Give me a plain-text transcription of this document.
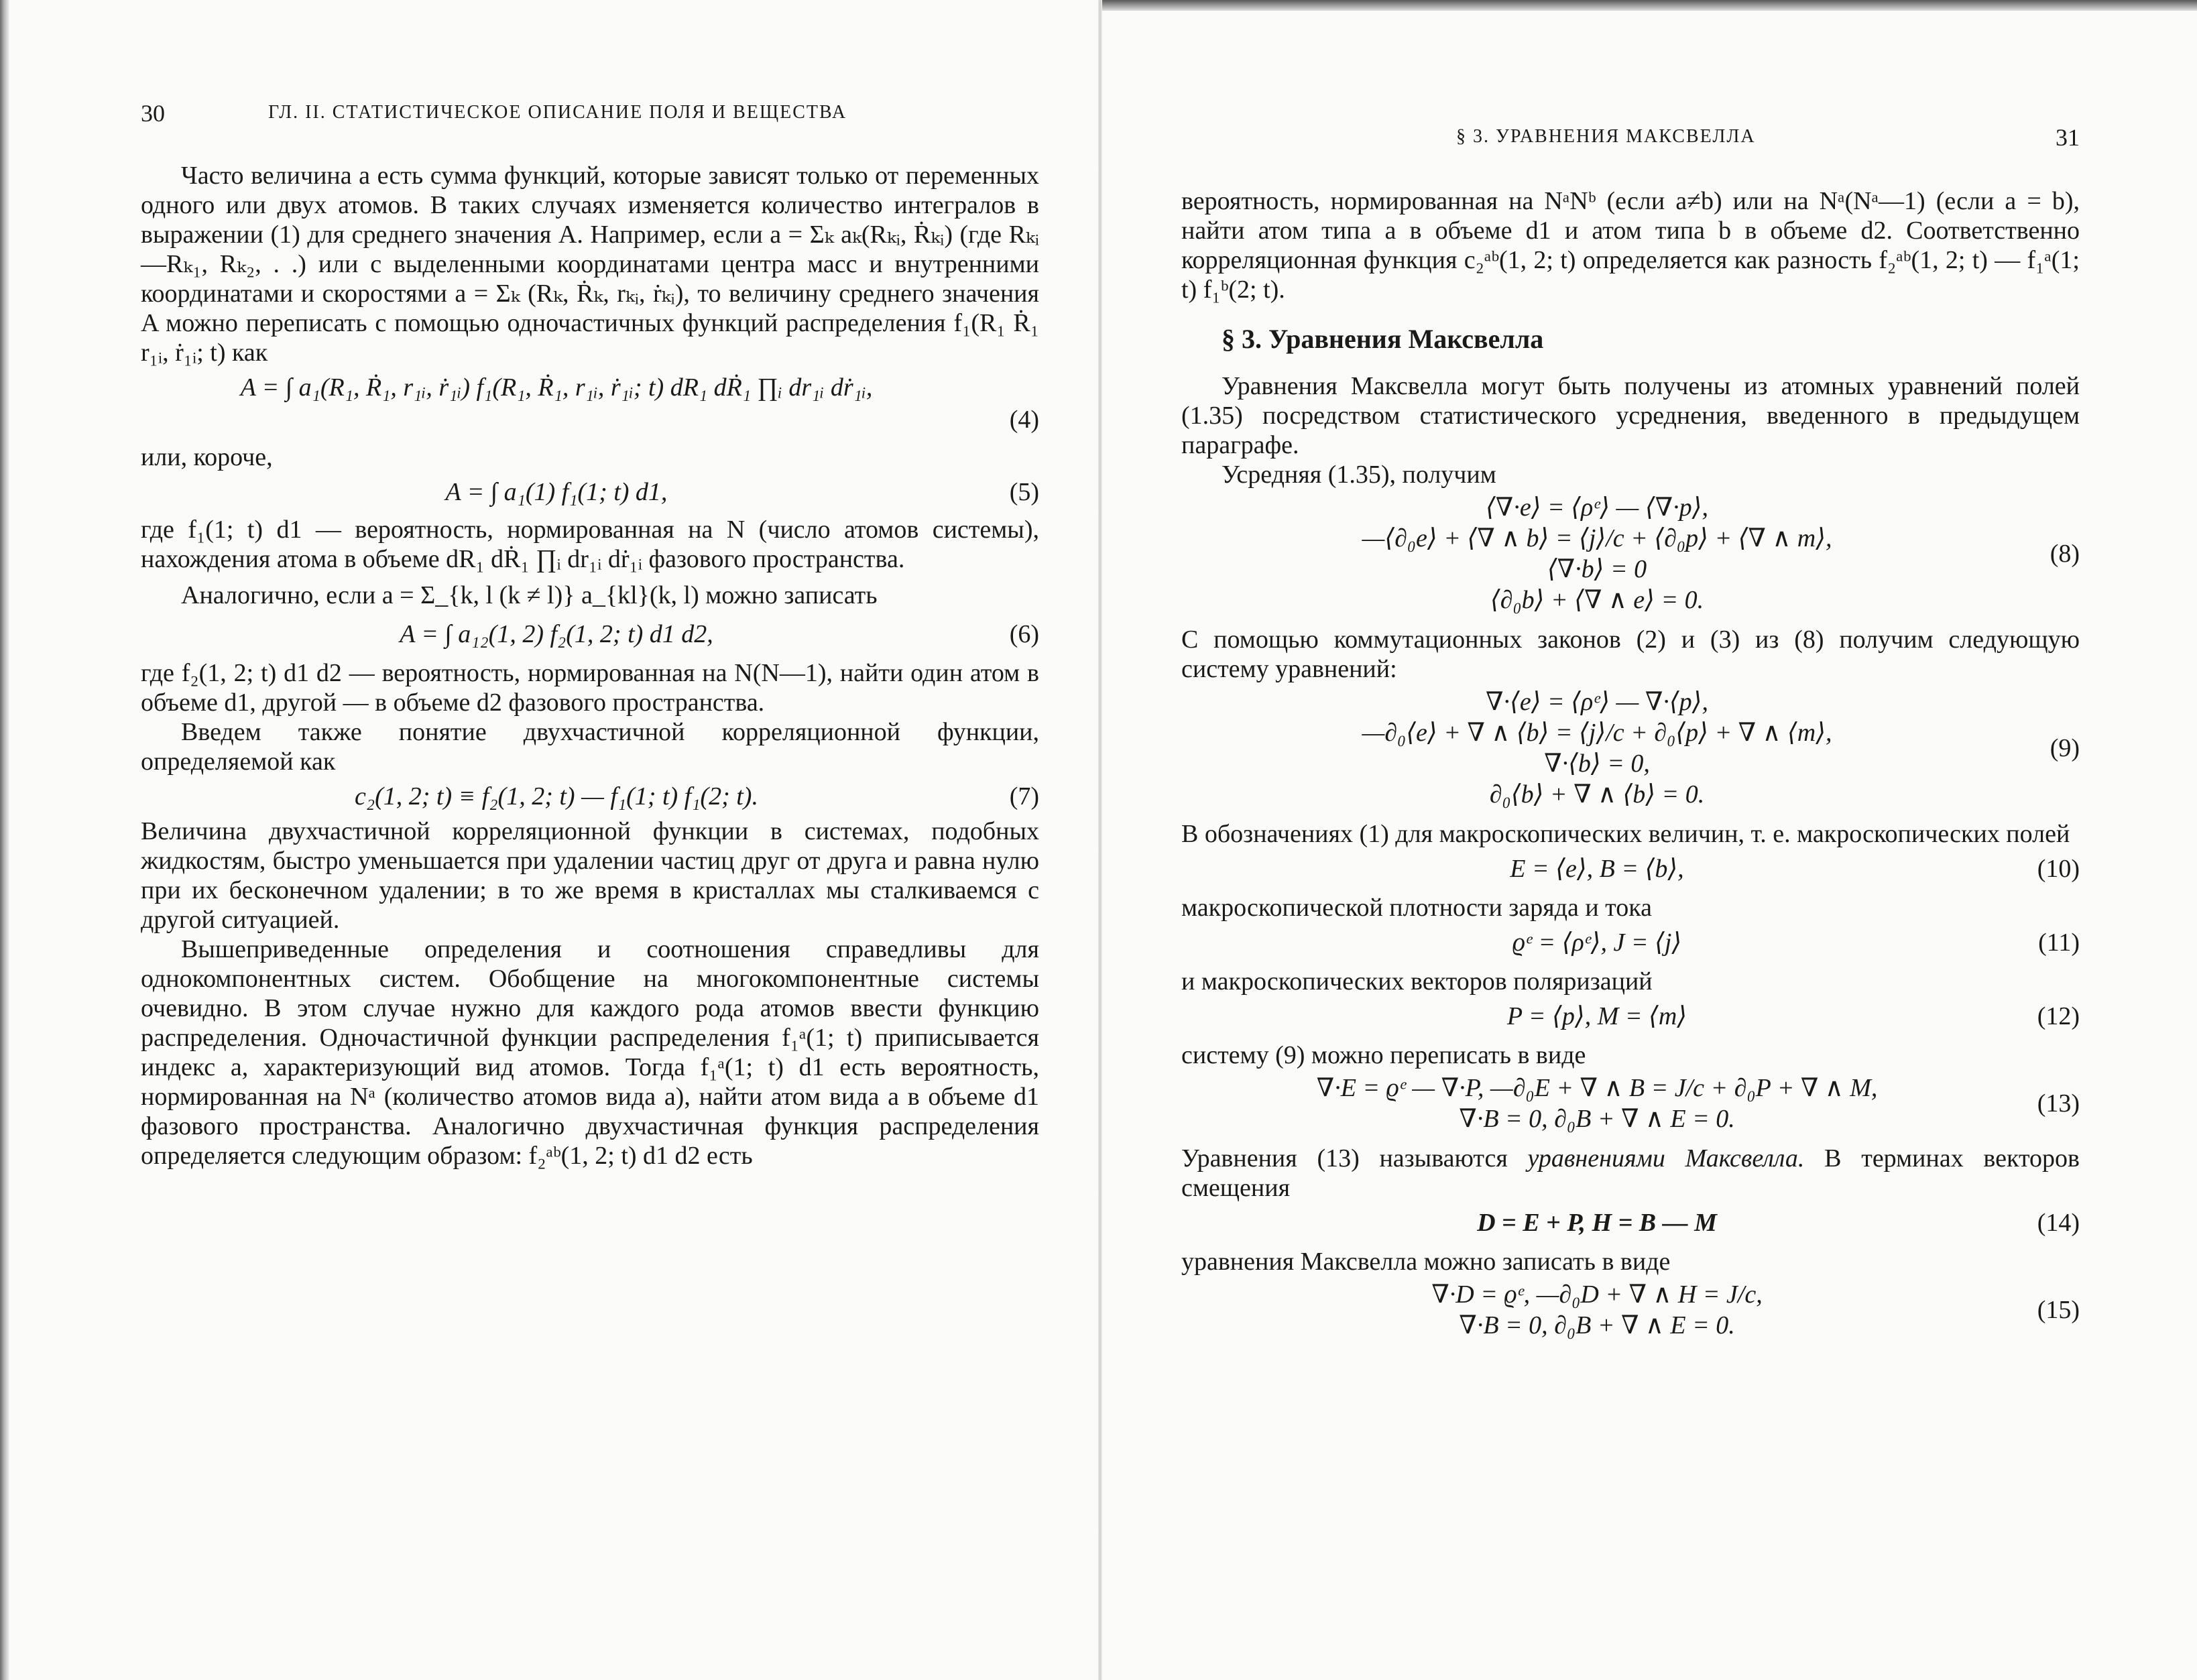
30	ГЛ. II. СТАТИСТИЧЕСКОЕ ОПИСАНИЕ ПОЛЯ И ВЕЩЕСТВА

Часто величина a есть сумма функций, которые зависят только от переменных одного или двух атомов. В таких случаях изменяется количество интегралов в выражении (1) для среднего значения A. Например, если a = Σₖ aₖ(Rₖᵢ, Ṙₖᵢ) (где Rₖᵢ—Rₖ₁, Rₖ₂, . .) или с выделенными координатами центра масс и внутренними координатами и скоростями a = Σₖ (Rₖ, Ṙₖ, rₖᵢ, ṙₖᵢ), то величину среднего значения A можно переписать с помощью одночастичных функций распределения f₁(R₁ Ṙ₁ r₁ᵢ, ṙ₁ᵢ; t) как

A = ∫ a₁(R₁, Ṙ₁, r₁ᵢ, ṙ₁ᵢ) f₁(R₁, Ṙ₁, r₁ᵢ, ṙ₁ᵢ; t) dR₁ dṘ₁ ∏ᵢ dr₁ᵢ dṙ₁ᵢ,
(4)

или, короче,

A = ∫ a₁(1) f₁(1; t) d1,	(5)

где f₁(1; t) d1 — вероятность, нормированная на N (число атомов системы), нахождения атома в объеме dR₁ dṘ₁ ∏ᵢ dr₁ᵢ dṙ₁ᵢ фазового пространства.

Аналогично, если a = Σ_{k, l (k ≠ l)} a_{kl}(k, l) можно записать

A = ∫ a₁₂(1, 2) f₂(1, 2; t) d1 d2,	(6)

где f₂(1, 2; t) d1 d2 — вероятность, нормированная на N(N—1), найти один атом в объеме d1, другой — в объеме d2 фазового пространства.

Введем также понятие двухчастичной корреляционной функции, определяемой как

c₂(1, 2; t) ≡ f₂(1, 2; t) — f₁(1; t) f₁(2; t).	(7)

Величина двухчастичной корреляционной функции в системах, подобных жидкостям, быстро уменьшается при удалении частиц друг от друга и равна нулю при их бесконечном удалении; в то же время в кристаллах мы сталкиваемся с другой ситуацией.

Вышеприведенные определения и соотношения справедливы для однокомпонентных систем. Обобщение на многокомпонентные системы очевидно. В этом случае нужно для каждого рода атомов ввести функцию распределения. Одночастичной функции распределения f₁ᵃ(1; t) приписывается индекс a, характеризующий вид атомов. Тогда f₁ᵃ(1; t) d1 есть вероятность, нормированная на Nᵃ (количество атомов вида a), найти атом вида a в объеме d1 фазового пространства. Аналогично двухчастичная функция распределения определяется следующим образом: f₂ᵃᵇ(1, 2; t) d1 d2 есть

§ 3. УРАВНЕНИЯ МАКСВЕЛЛА	31

вероятность, нормированная на NᵃNᵇ (если a≠b) или на Nᵃ(Nᵃ—1) (если a = b), найти атом типа a в объеме d1 и атом типа b в объеме d2. Соответственно корреляционная функция c₂ᵃᵇ(1, 2; t) определяется как разность f₂ᵃᵇ(1, 2; t) — f₁ᵃ(1; t) f₁ᵇ(2; t).

§ 3. Уравнения Максвелла

Уравнения Максвелла могут быть получены из атомных уравнений полей (1.35) посредством статистического усреднения, введенного в предыдущем параграфе.

Усредняя (1.35), получим

⟨∇·e⟩ = ⟨ρᵉ⟩ — ⟨∇·p⟩,
—⟨∂₀e⟩ + ⟨∇ ∧ b⟩ = ⟨j⟩/c + ⟨∂₀p⟩ + ⟨∇ ∧ m⟩,
⟨∇·b⟩ = 0
⟨∂₀b⟩ + ⟨∇ ∧ e⟩ = 0.
(8)

С помощью коммутационных законов (2) и (3) из (8) получим следующую систему уравнений:

∇·⟨e⟩ = ⟨ρᵉ⟩ — ∇·⟨p⟩,
—∂₀⟨e⟩ + ∇ ∧ ⟨b⟩ = ⟨j⟩/c + ∂₀⟨p⟩ + ∇ ∧ ⟨m⟩,
∇·⟨b⟩ = 0,
∂₀⟨b⟩ + ∇ ∧ ⟨b⟩ = 0.
(9)

В обозначениях (1) для макроскопических величин, т. е. макроскопических полей

E = ⟨e⟩, B = ⟨b⟩,	(10)

макроскопической плотности заряда и тока

ϱᵉ = ⟨ρᵉ⟩, J = ⟨j⟩	(11)

и макроскопических векторов поляризаций

P = ⟨p⟩, M = ⟨m⟩	(12)

систему (9) можно переписать в виде

∇·E = ϱᵉ — ∇·P, —∂₀E + ∇ ∧ B = J/c + ∂₀P + ∇ ∧ M,
∇·B = 0, ∂₀B + ∇ ∧ E = 0.
(13)

Уравнения (13) называются уравнениями Максвелла. В терминах векторов смещения

D = E + P, H = B — M	(14)

уравнения Максвелла можно записать в виде

∇·D = ϱᵉ, —∂₀D + ∇ ∧ H = J/c,
∇·B = 0, ∂₀B + ∇ ∧ E = 0.
(15)
